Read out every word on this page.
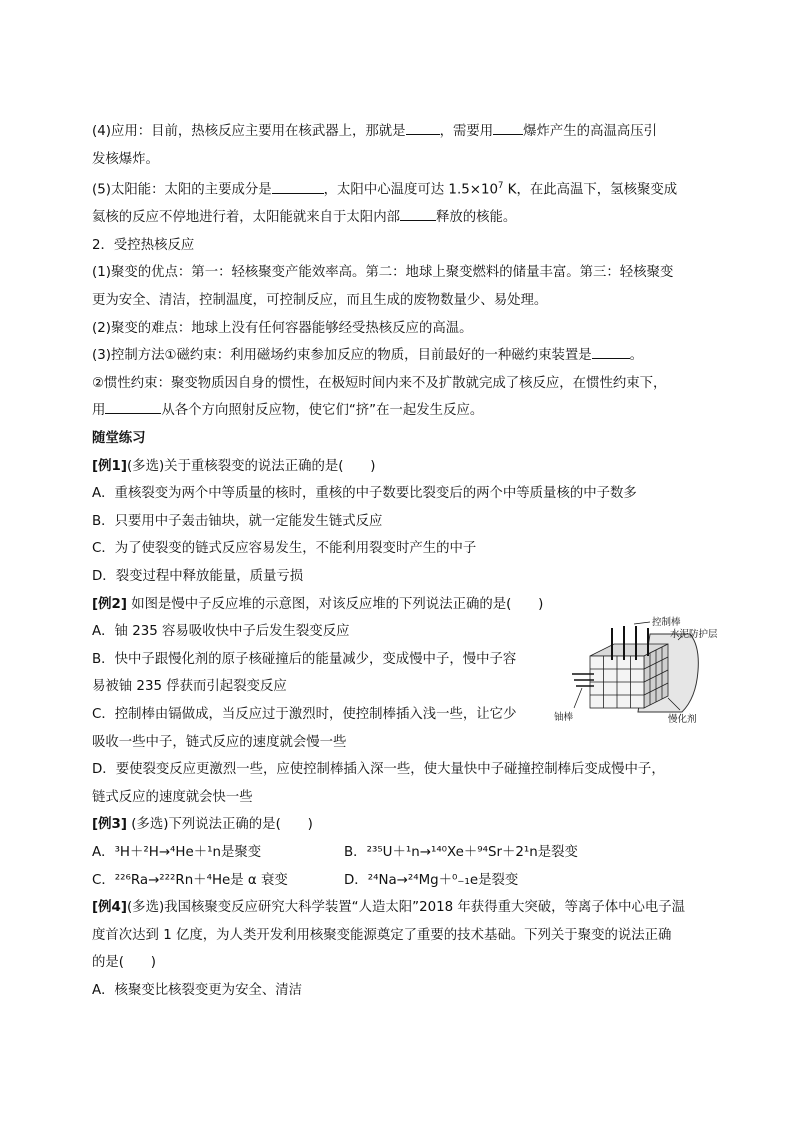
(4)应用：目前，热核反应主要用在核武器上，那就是	，需要用 爆炸产生的高温高压引
发核爆炸。
(5)太阳能：太阳的主要成分是	，太阳中心温度可达 $1.5\times 10^7$ K，在此高温下，氢核聚变成
氦核的反应不停地进行着，太阳能就来自于太阳内部	释放的核能。
2．受控热核反应
(1)聚变的优点：第一：轻核聚变产能效率高。第二：地球上聚变燃料的储量丰富。第三：轻核聚变
更为安全、清洁，控制温度，可控制反应，而且生成的废物数量少、易处理。
(2)聚变的难点：地球上没有任何容器能够经受热核反应的高温。
(3)控制方法①磁约束：利用磁场约束参加反应的物质，目前最好的一种磁约束装置是	。
②惯性约束：聚变物质因自身的惯性，在极短时间内来不及扩散就完成了核反应，在惯性约束下，
用	从各个方向照射反应物，使它们“挤”在一起发生反应。
随堂练习
[例1](多选)关于重核裂变的说法正确的是(　　)
A．重核裂变为两个中等质量的核时，重核的中子数要比裂变后的两个中等质量核的中子数多
B．只要用中子轰击铀块，就一定能发生链式反应
C．为了使裂变的链式反应容易发生，不能利用裂变时产生的中子
D．裂变过程中释放能量，质量亏损
[例2] 如图是慢中子反应堆的示意图，对该反应堆的下列说法正确的是(　　)
A．铀 235 容易吸收快中子后发生裂变反应
B．快中子跟慢化剂的原子核碰撞后的能量减少，变成慢中子，慢中子容
易被铀 235 俘获而引起裂变反应
C．控制棒由镉做成，当反应过于激烈时，使控制棒插入浅一些，让它少
吸收一些中子，链式反应的速度就会慢一些
D．要使裂变反应更激烈一些，应使控制棒插入深一些，使大量快中子碰撞控制棒后变成慢中子，
链式反应的速度就会快一些
[例3] (多选)下列说法正确的是(　　)
A．³H＋²H→⁴He＋¹n是聚变	B．²³⁵U＋¹n→¹⁴⁰Xe＋⁹⁴Sr＋2¹n是裂变
C．²²⁶Ra→²²²Rn＋⁴He是 α 衰变	D．²⁴Na→²⁴Mg＋⁰₋₁e是裂变
[例4](多选)我国核聚变反应研究大科学装置“人造太阳”2018 年获得重大突破，等离子体中心电子温
度首次达到 1 亿度，为人类开发利用核聚变能源奠定了重要的技术基础。下列关于聚变的说法正确
的是(　　)
A．核聚变比核裂变更为安全、清洁
控制棒
水泥防护层
铀棒	慢化剂
